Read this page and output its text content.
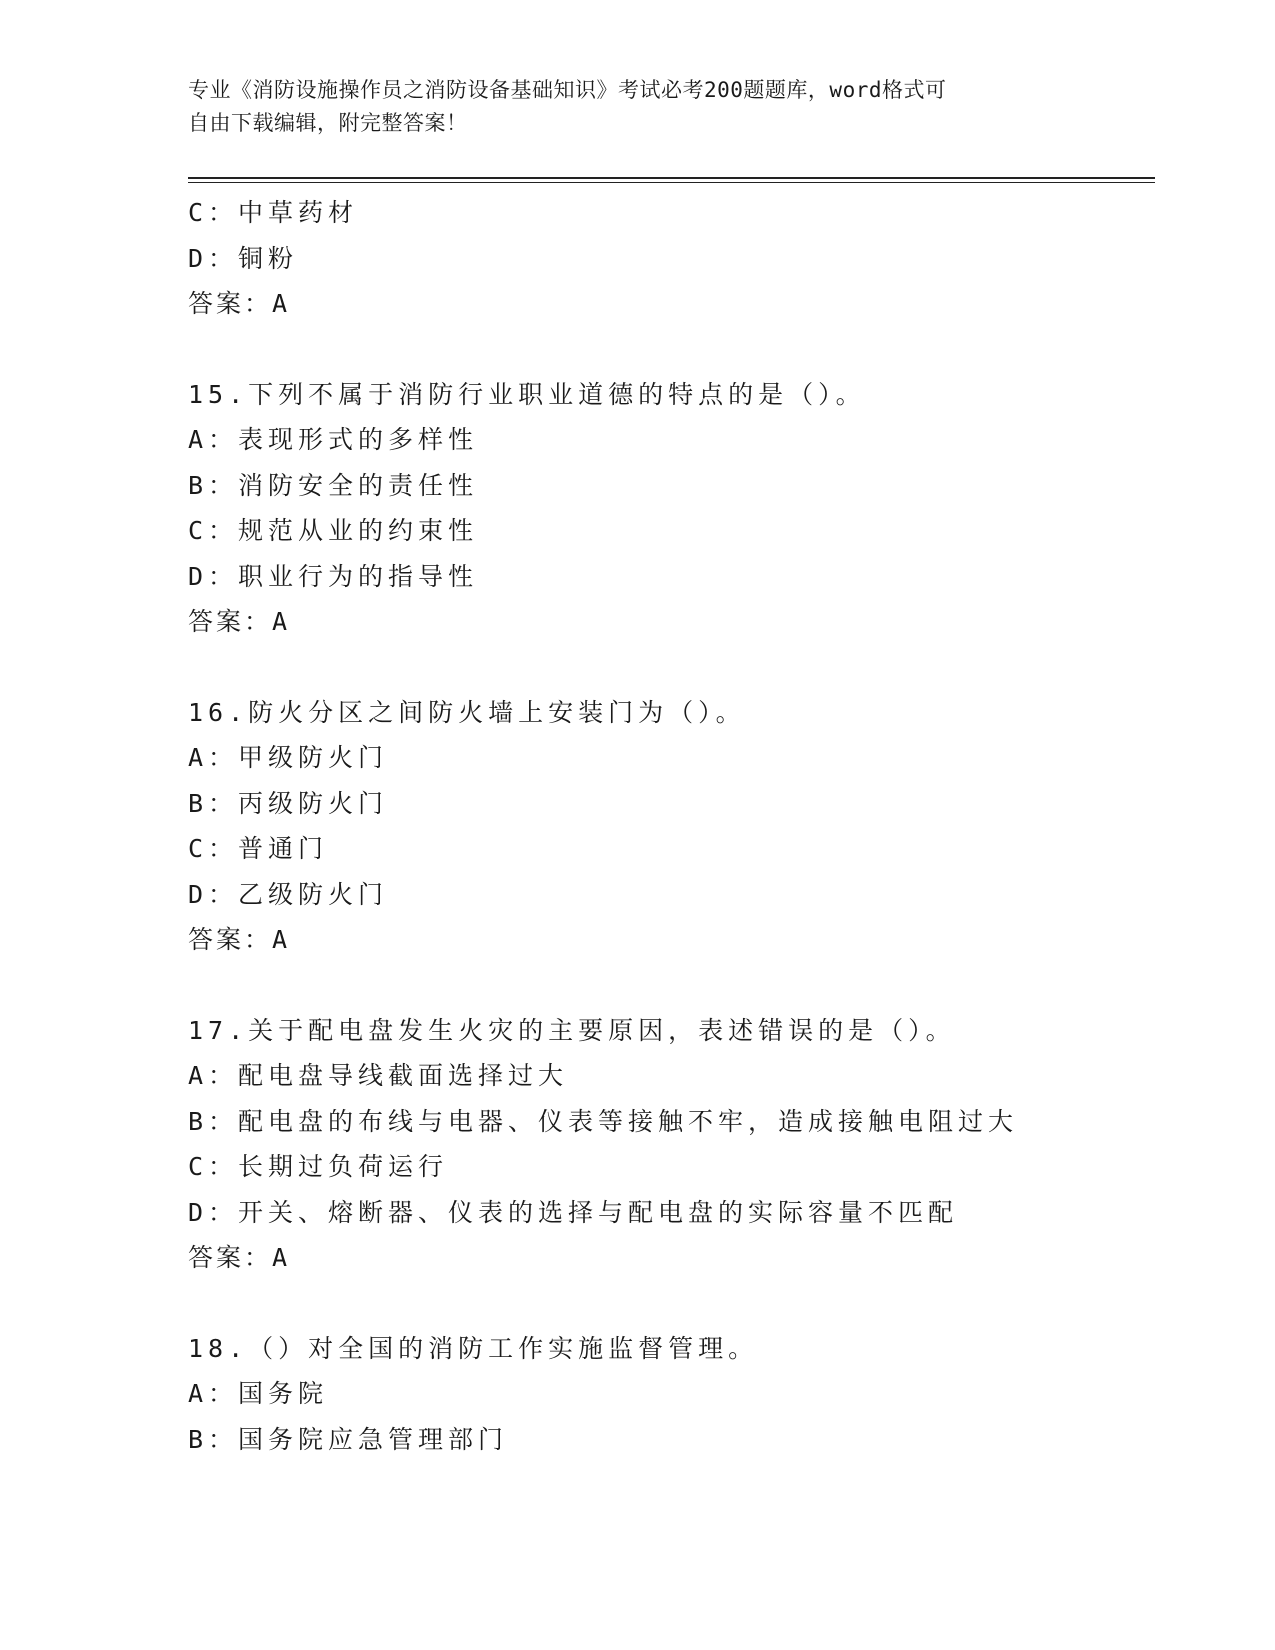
专业《消防设施操作员之消防设备基础知识》考试必考200题题库，word格式可
自由下载编辑，附完整答案！
C：中草药材
D：铜粉
答案：A
15.下列不属于消防行业职业道德的特点的是（）。
A：表现形式的多样性
B：消防安全的责任性
C：规范从业的约束性
D：职业行为的指导性
答案：A
16.防火分区之间防火墙上安装门为（）。
A：甲级防火门
B：丙级防火门
C：普通门
D：乙级防火门
答案：A
17.关于配电盘发生火灾的主要原因，表述错误的是（）。
A：配电盘导线截面选择过大
B：配电盘的布线与电器、仪表等接触不牢，造成接触电阻过大
C：长期过负荷运行
D：开关、熔断器、仪表的选择与配电盘的实际容量不匹配
答案：A
18.（）对全国的消防工作实施监督管理。
A：国务院
B：国务院应急管理部门
